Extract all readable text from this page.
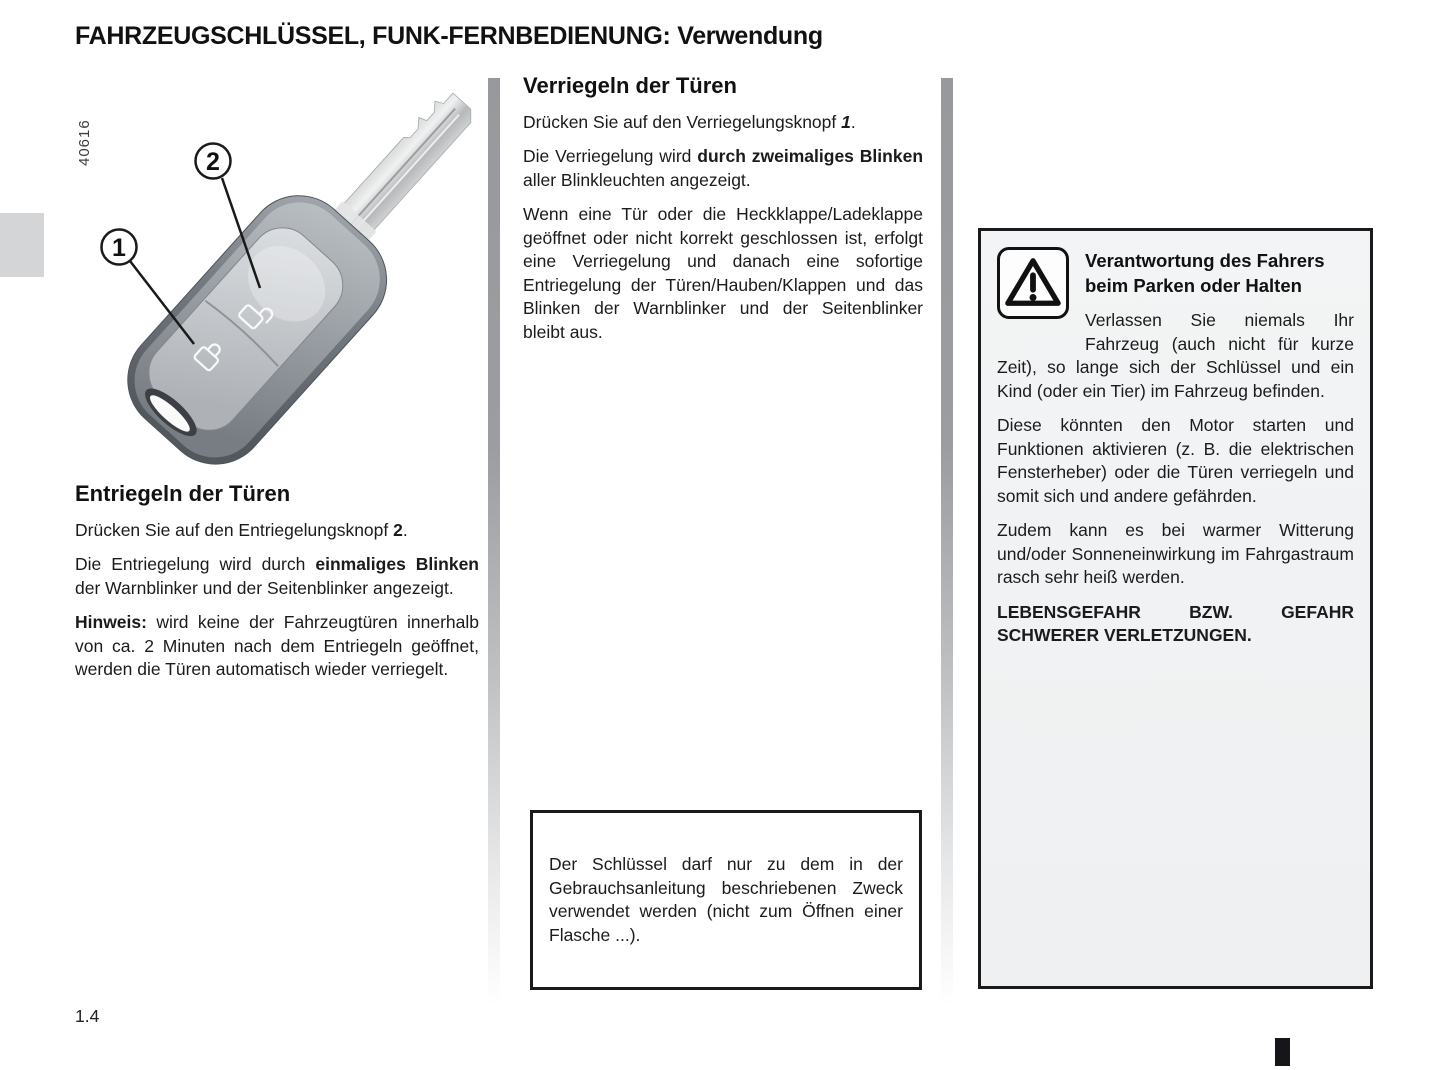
FAHRZEUGSCHLÜSSEL, FUNK-FERNBEDIENUNG: Verwendung
40616	2
1
Entriegeln der Türen

Drücken Sie auf den Entriegelungsknopf 2.

Die Entriegelung wird durch einmaliges Blinken der Warnblinker und der Seitenblinker angezeigt.

Hinweis: wird keine der Fahrzeugtüren innerhalb von ca. 2 Minuten nach dem Entriegeln geöffnet, werden die Türen automatisch wieder verriegelt.

Verriegeln der Türen

Drücken Sie auf den Verriegelungsknopf 1.

Die Verriegelung wird durch zweimaliges Blinken aller Blinkleuchten angezeigt.

Wenn eine Tür oder die Heckklappe/Ladeklappe geöffnet oder nicht korrekt geschlossen ist, erfolgt eine Verriegelung und danach eine sofortige Entriegelung der Türen/Hauben/Klappen und das Blinken der Warnblinker und der Seitenblinker bleibt aus.

Der Schlüssel darf nur zu dem in der Gebrauchsanleitung beschriebenen Zweck verwendet werden (nicht zum Öffnen einer Flasche ...).

Verantwortung des Fahrers beim Parken oder Halten

Verlassen Sie niemals Ihr Fahrzeug (auch nicht für kurze Zeit), so lange sich der Schlüssel und ein Kind (oder ein Tier) im Fahrzeug befinden.

Diese könnten den Motor starten und Funktionen aktivieren (z. B. die elektrischen Fensterheber) oder die Türen verriegeln und somit sich und andere gefährden.

Zudem kann es bei warmer Witterung und/oder Sonneneinwirkung im Fahrgastraum rasch sehr heiß werden.

LEBENSGEFAHR BZW. GEFAHR SCHWERER VERLETZUNGEN.

1.4
